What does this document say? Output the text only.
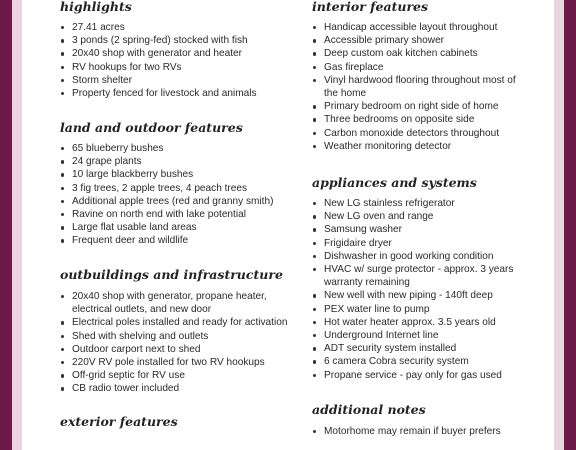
highlights
27.41 acres
3 ponds (2 spring-fed) stocked with fish
20x40 shop with generator and heater
RV hookups for two RVs
Storm shelter
Property fenced for livestock and animals
land and outdoor features
65 blueberry bushes
24 grape plants
10 large blackberry bushes
3 fig trees, 2 apple trees, 4 peach trees
Additional apple trees (red and granny smith)
Ravine on north end with lake potential
Large flat usable land areas
Frequent deer and wildlife
outbuildings and infrastructure
20x40 shop with generator, propane heater,
electrical outlets, and new door
Electrical poles installed and ready for activation
Shed with shelving and outlets
Outdoor carport next to shed
220V RV pole installed for two RV hookups
Off-grid septic for RV use
CB radio tower included
exterior features
interior features
Handicap accessible layout throughout
Accessible primary shower
Deep custom oak kitchen cabinets
Gas fireplace
Vinyl hardwood flooring throughout most of
the home
Primary bedroom on right side of home
Three bedrooms on opposite side
Carbon monoxide detectors throughout
Weather monitoring detector
appliances and systems
New LG stainless refrigerator
New LG oven and range
Samsung washer
Frigidaire dryer
Dishwasher in good working condition
HVAC w/ surge protector - approx. 3 years
warranty remaining
New well with new piping - 140ft deep
PEX water line to pump
Hot water heater approx. 3.5 years old
Underground Internet line
ADT security system installed
6 camera Cobra security system
Propane service - pay only for gas used
additional notes
Motorhome may remain if buyer prefers
